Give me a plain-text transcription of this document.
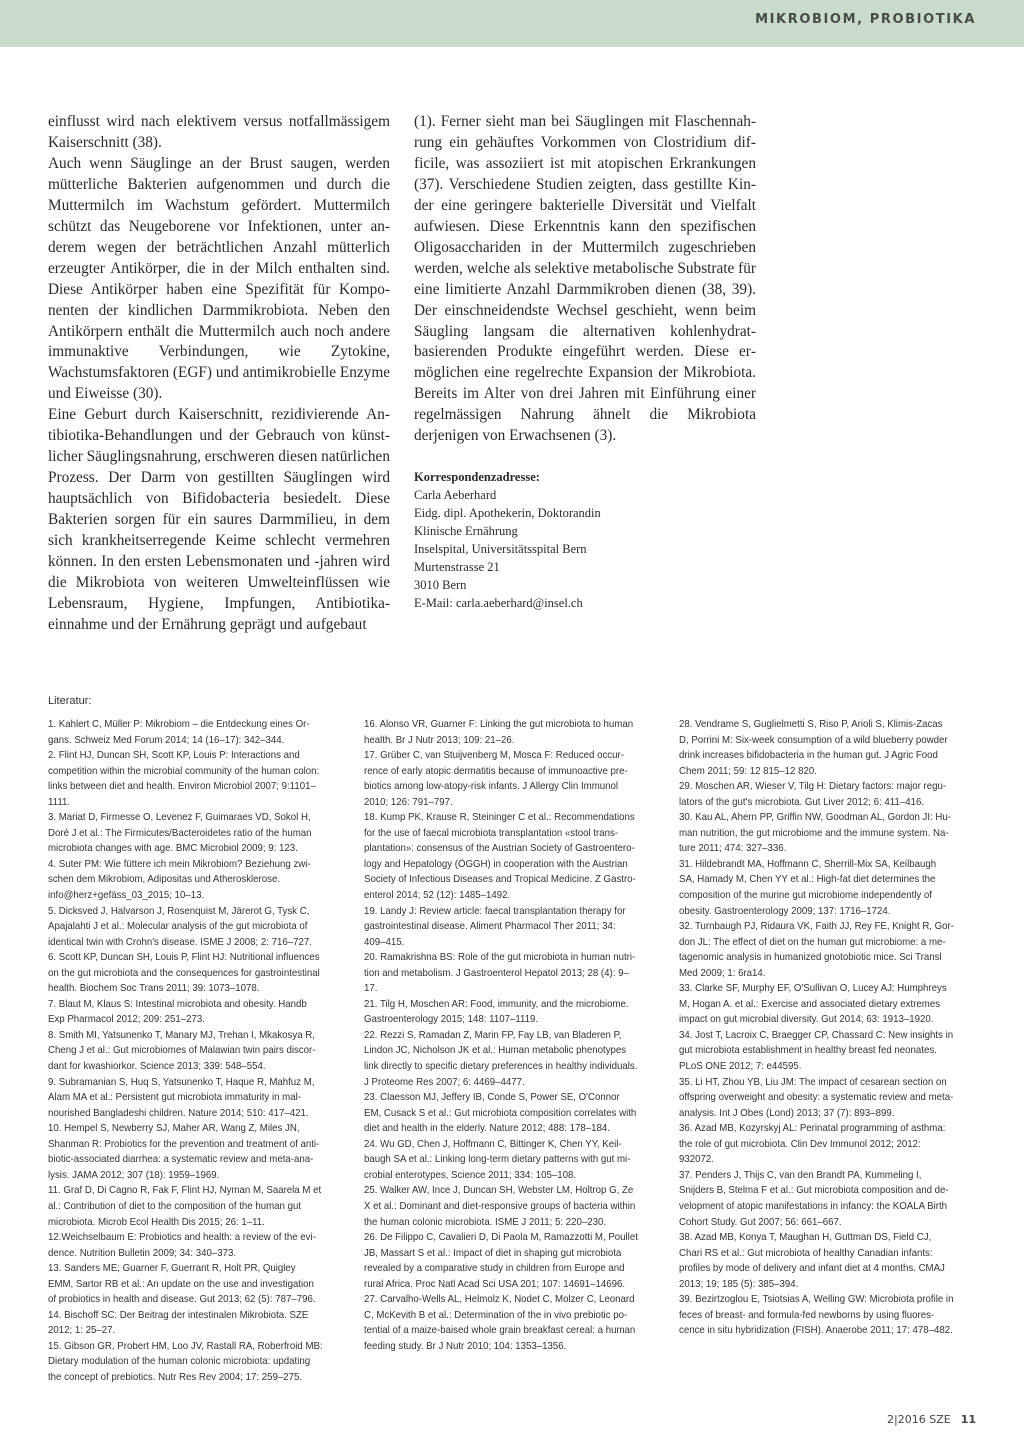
MIKROBIOM, PROBIOTIKA

einflusst wird nach elektivem versus notfallmässigem Kaiserschnitt (38).

Auch wenn Säuglinge an der Brust saugen, werden mütterliche Bakterien aufgenommen und durch die Muttermilch im Wachstum gefördert. Muttermilch schützt das Neugeborene vor Infektionen, unter anderem wegen der beträchtlichen Anzahl mütterlich erzeugter Antikörper, die in der Milch enthalten sind. Diese Antikörper haben eine Spezifität für Komponenten der kindlichen Darmmikrobiota. Neben den Antikörpern enthält die Muttermilch auch noch andere immunaktive Verbindungen, wie Zytokine, Wachstumsfaktoren (EGF) und antimikrobielle Enzyme und Eiweisse (30).

Eine Geburt durch Kaiserschnitt, rezidivierende Antibiotika-Behandlungen und der Gebrauch von künstlicher Säuglingsnahrung, erschweren diesen natürlichen Prozess. Der Darm von gestillten Säuglingen wird hauptsächlich von Bifidobacteria besiedelt. Diese Bakterien sorgen für ein saures Darmmilieu, in dem sich krankheitserregende Keime schlecht vermehren können. In den ersten Lebensmonaten und -jahren wird die Mikrobiota von weiteren Umwelteinflüssen wie Lebensraum, Hygiene, Impfungen, Antibiotikaeinnahme und der Ernährung geprägt und aufgebaut

(1). Ferner sieht man bei Säuglingen mit Flaschennahrung ein gehäuftes Vorkommen von Clostridium difficile, was assoziiert ist mit atopischen Erkrankungen (37). Verschiedene Studien zeigten, dass gestillte Kinder eine geringere bakterielle Diversität und Vielfalt aufwiesen. Diese Erkenntnis kann den spezifischen Oligosacchariden in der Muttermilch zugeschrieben werden, welche als selektive metabolische Substrate für eine limitierte Anzahl Darmmikroben dienen (38, 39). Der einschneidendste Wechsel geschieht, wenn beim Säugling langsam die alternativen kohlenhydratbasierenden Produkte eingeführt werden. Diese ermöglichen eine regelrechte Expansion der Mikrobiota. Bereits im Alter von drei Jahren mit Einführung einer regelmässigen Nahrung ähnelt die Mikrobiota derjenigen von Erwachsenen (3).

Korrespondenzadresse:
Carla Aeberhard
Eidg. dipl. Apothekerin, Doktorandin
Klinische Ernährung
Inselspital, Universitätsspital Bern
Murtenstrasse 21
3010 Bern
E-Mail: carla.aeberhard@insel.ch
Literatur:
1. Kahlert C, Müller P: Mikrobiom – die Entdeckung eines Organs. Schweiz Med Forum 2014; 14 (16–17): 342–344.
2. Flint HJ, Duncan SH, Scott KP, Louis P: Interactions and competition within the microbial community of the human colon: links between diet and health. Environ Microbiol 2007; 9:1101–1111.
3. Mariat D, Firmesse O, Levenez F, Guimaraes VD, Sokol H, Doré J et al.: The Firmicutes/Bacteroidetes ratio of the human microbiota changes with age. BMC Microbiol 2009; 9: 123.
4. Suter PM: Wie füttere ich mein Mikrobiom? Beziehung zwischen dem Mikrobiom, Adipositas und Atherosklerose. info@herz+gefäss_03_2015; 10–13.
5. Dicksved J, Halvarson J, Rosenquist M, Järerot G, Tysk C, Apajalahti J et al.: Molecular analysis of the gut microbiota of identical twin with Crohn's disease. ISME J 2008; 2: 716–727.
6. Scott KP, Duncan SH, Louis P, Flint HJ: Nutritional influences on the gut microbiota and the consequences for gastrointestinal health. Biochem Soc Trans 2011; 39: 1073–1078.
7. Blaut M, Klaus S: Intestinal microbiota and obesity. Handb Exp Pharmacol 2012; 209: 251–273.
8. Smith MI, Yatsunenko T, Manary MJ, Trehan I, Mkakosya R, Cheng J et al.: Gut microbiomes of Malawian twin pairs discordant for kwashiorkor. Science 2013; 339: 548–554.
9. Subramanian S, Huq S, Yatsunenko T, Haque R, Mahfuz M, Alam MA et al.: Persistent gut microbiota immaturity in malnourished Bangladeshi children. Nature 2014; 510: 417–421.
10. Hempel S, Newberry SJ, Maher AR, Wang Z, Miles JN, Shanman R: Probiotics for the prevention and treatment of antibiotic-associated diarrhea: a systematic review and meta-analysis. JAMA 2012; 307 (18): 1959–1969.
11. Graf D, Di Cagno R, Fak F, Flint HJ, Nyman M, Saarela M et al.: Contribution of diet to the composition of the human gut microbiota. Microb Ecol Health Dis 2015; 26: 1–11.
12.Weichselbaum E: Probiotics and health: a review of the evidence. Nutrition Bulletin 2009; 34: 340–373.
13. Sanders ME; Guarner F, Guerrant R, Holt PR, Quigley EMM, Sartor RB et al.: An update on the use and investigation of probiotics in health and disease. Gut 2013; 62 (5): 787–796.
14. Bischoff SC: Der Beitrag der intestinalen Mikrobiota. SZE 2012; 1: 25–27.
15. Gibson GR, Probert HM, Loo JV, Rastall RA, Roberfroid MB: Dietary modulation of the human colonic microbiota: updating the concept of prebiotics. Nutr Res Rev 2004; 17: 259–275.
16. Alonso VR, Guarner F: Linking the gut microbiota to human health. Br J Nutr 2013; 109: 21–26.
17. Grüber C, van Stuijvenberg M, Mosca F: Reduced occurrence of early atopic dermatitis because of immunoactive prebiotics among low-atopy-risk infants. J Allergy Clin Immunol 2010; 126: 791–797.
18. Kump PK, Krause R, Steininger C et al.: Recommendations for the use of faecal microbiota transplantation «stool transplantation»: consensus of the Austrian Society of Gastroenterology and Hepatology (ÖGGH) in cooperation with the Austrian Society of Infectious Diseases and Tropical Medicine. Z Gastroenterol 2014; 52 (12): 1485–1492.
19. Landy J: Review article: faecal transplantation therapy for gastrointestinal disease. Aliment Pharmacol Ther 2011; 34: 409–415.
20. Ramakrishna BS: Role of the gut microbiota in human nutrition and metabolism. J Gastroenterol Hepatol 2013; 28 (4): 9–17.
21. Tilg H, Moschen AR: Food, immunity, and the microbiome. Gastroenterology 2015; 148: 1107–1119.
22. Rezzi S, Ramadan Z, Marin FP, Fay LB, van Bladeren P, Lindon JC, Nicholson JK et al.: Human metabolic phenotypes link directly to specific dietary preferences in healthy individuals. J Proteome Res 2007; 6: 4469–4477.
23. Claesson MJ, Jeffery IB, Conde S, Power SE, O'Connor EM, Cusack S et al.: Gut microbiota composition correlates with diet and health in the elderly. Nature 2012; 488: 178–184.
24. Wu GD, Chen J, Hoffmann C, Bittinger K, Chen YY, Keilbaugh SA et al.: Linking long-term dietary patterns with gut microbial enterotypes, Science 2011; 334: 105–108.
25. Walker AW, Ince J, Duncan SH, Webster LM, Holtrop G, Ze X et al.: Dominant and diet-responsive groups of bacteria within the human colonic microbiota. ISME J 2011; 5: 220–230.
26. De Filippo C, Cavalieri D, Di Paola M, Ramazzotti M, Poullet JB, Massart S et al.: Impact of diet in shaping gut microbiota revealed by a comparative study in children from Europe and rural Africa. Proc Natl Acad Sci USA 201; 107: 14691–14696.
27. Carvalho-Wells AL, Helmolz K, Nodet C, Molzer C, Leonard C, McKevith B et al.: Determination of the in vivo prebiotic potential of a maize-baised whole grain breakfast cereal: a human feeding study. Br J Nutr 2010; 104: 1353–1356.
28. Vendrame S, Guglielmetti S, Riso P, Arioli S, Klimis-Zacas D, Porrini M: Six-week consumption of a wild blueberry powder drink increases bifidobacteria in the human gut. J Agric Food Chem 2011; 59: 12 815–12 820.
29. Moschen AR, Wieser V, Tilg H: Dietary factors: major regulators of the gut's microbiota. Gut Liver 2012; 6: 411–416.
30. Kau AL, Ahern PP, Griffin NW, Goodman AL, Gordon JI: Human nutrition, the gut microbiome and the immune system. Nature 2011; 474: 327–336.
31. Hildebrandt MA, Hoffmann C, Sherrill-Mix SA, Keilbaugh SA, Hamady M, Chen YY et al.: High-fat diet determines the composition of the murine gut microbiome independently of obesity. Gastroenterology 2009; 137: 1716–1724.
32. Turnbaugh PJ, Ridaura VK, Faith JJ, Rey FE, Knight R, Gordon JL: The effect of diet on the human gut microbiome: a metagenomic analysis in humanized gnotobiotic mice. Sci Transl Med 2009; 1: 6ra14.
33. Clarke SF, Murphy EF, O'Sullivan O, Lucey AJ: Humphreys M, Hogan A. et al.: Exercise and associated dietary extremes impact on gut microbial diversity. Gut 2014; 63: 1913–1920.
34. Jost T, Lacroix C, Braegger CP, Chassard C: New insights in gut microbiota establishment in healthy breast fed neonates. PLoS ONE 2012; 7: e44595.
35. Li HT, Zhou YB, Liu JM: The impact of cesarean section on offspring overweight and obesity: a systematic review and meta-analysis. Int J Obes (Lond) 2013; 37 (7): 893–899.
36. Azad MB, Kozyrskyj AL: Perinatal programming of asthma: the role of gut microbiota. Clin Dev Immunol 2012; 2012: 932072.
37. Penders J, Thijs C, van den Brandt PA, Kummeling I, Snijders B, Stelma F et al.: Gut microbiota composition and development of atopic manifestations in infancy: the KOALA Birth Cohort Study. Gut 2007; 56: 661–667.
38. Azad MB, Konya T, Maughan H, Guttman DS, Field CJ, Chari RS et al.: Gut microbiota of healthy Canadian infants: profiles by mode of delivery and infant diet at 4 months. CMAJ 2013; 19; 185 (5): 385–394.
39. Bezirtzoglou E, Tsiotsias A, Welling GW: Microbiota profile in feces of breast- and formula-fed newborns by using fluorescence in situ hybridization (FISH). Anaerobe 2011; 17: 478–482.
2|2016 SZE 11
